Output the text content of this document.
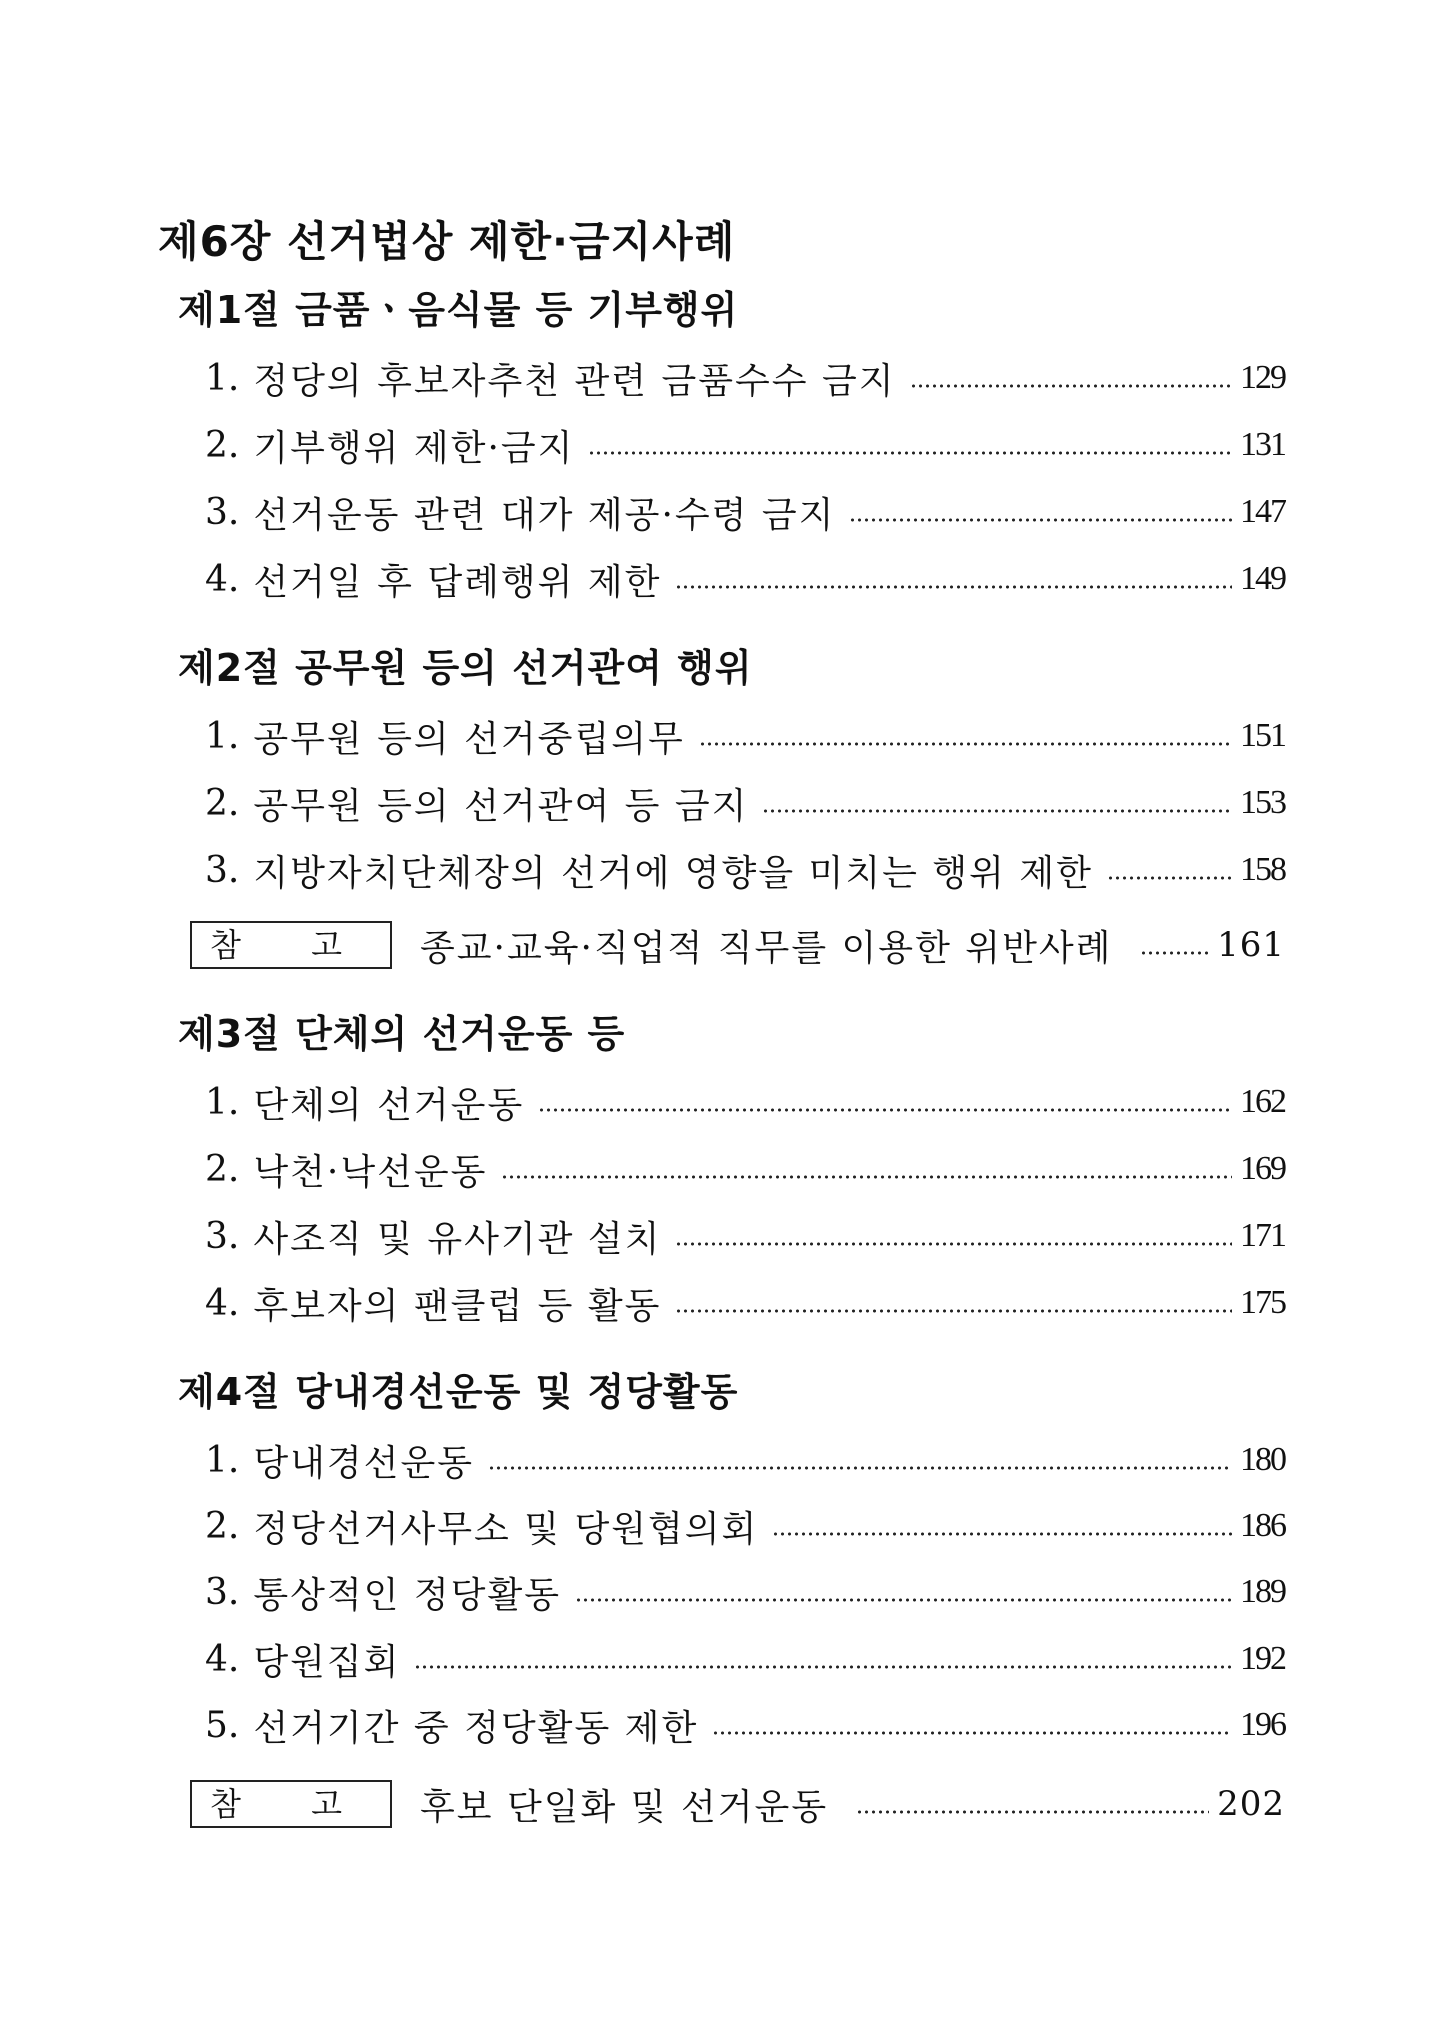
제6장 선거법상 제한·금지사례
제1절 금품ㆍ음식물 등 기부행위
1. 정당의 후보자추천 관련 금품수수 금지	129
2. 기부행위 제한·금지	131
3. 선거운동 관련 대가 제공·수령 금지	147
4. 선거일 후 답례행위 제한	149
제2절 공무원 등의 선거관여 행위
1. 공무원 등의 선거중립의무	151
2. 공무원 등의 선거관여 등 금지	153
3. 지방자치단체장의 선거에 영향을 미치는 행위 제한	158
참 고	종교·교육·직업적 직무를 이용한 위반사례	161
제3절 단체의 선거운동 등
1. 단체의 선거운동	162
2. 낙천·낙선운동	169
3. 사조직 및 유사기관 설치	171
4. 후보자의 팬클럽 등 활동	175
제4절 당내경선운동 및 정당활동
1. 당내경선운동	180
2. 정당선거사무소 및 당원협의회	186
3. 통상적인 정당활동	189
4. 당원집회	192
5. 선거기간 중 정당활동 제한	196
참 고	후보 단일화 및 선거운동	202
